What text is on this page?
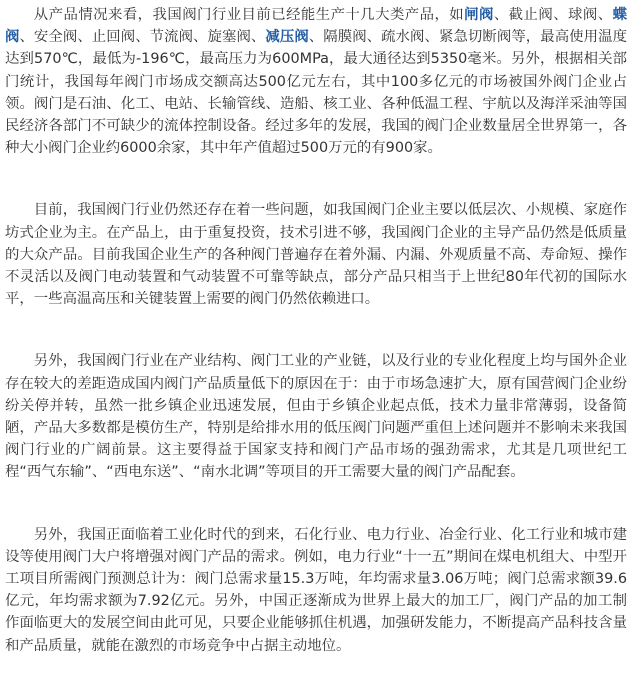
从产品情况来看，我国阀门行业目前已经能生产十几大类产品，如闸阀、截止阀、球阀、蝶阀、安全阀、止回阀、节流阀、旋塞阀、减压阀、隔膜阀、疏水阀、紧急切断阀等，最高使用温度达到570℃，最低为-196℃，最高压力为600MPa，最大通径达到5350毫米。另外，根据相关部门统计，我国每年阀门市场成交额高达500亿元左右，其中100多亿元的市场被国外阀门企业占领。阀门是石油、化工、电站、长输管线、造船、核工业、各种低温工程、宇航以及海洋采油等国民经济各部门不可缺少的流体控制设备。经过多年的发展，我国的阀门企业数量居全世界第一，各种大小阀门企业约6000余家，其中年产值超过500万元的有900家。

目前，我国阀门行业仍然还存在着一些问题，如我国阀门企业主要以低层次、小规模、家庭作坊式企业为主。在产品上，由于重复投资，技术引进不够，我国阀门企业的主导产品仍然是低质量的大众产品。目前我国企业生产的各种阀门普遍存在着外漏、内漏、外观质量不高、寿命短、操作不灵活以及阀门电动装置和气动装置不可靠等缺点，部分产品只相当于上世纪80年代初的国际水平，一些高温高压和关键装置上需要的阀门仍然依赖进口。

另外，我国阀门行业在产业结构、阀门工业的产业链，以及行业的专业化程度上均与国外企业存在较大的差距造成国内阀门产品质量低下的原因在于：由于市场急速扩大，原有国营阀门企业纷纷关停并转，虽然一批乡镇企业迅速发展，但由于乡镇企业起点低，技术力量非常薄弱，设备简陋，产品大多数都是模仿生产，特别是给排水用的低压阀门问题严重但上述问题并不影响未来我国阀门行业的广阔前景。这主要得益于国家支持和阀门产品市场的强劲需求，尤其是几项世纪工程“西气东输”、“西电东送”、“南水北调”等项目的开工需要大量的阀门产品配套。

另外，我国正面临着工业化时代的到来，石化行业、电力行业、冶金行业、化工行业和城市建设等使用阀门大户将增强对阀门产品的需求。例如，电力行业“十一五”期间在煤电机组大、中型开工项目所需阀门预测总计为：阀门总需求量15.3万吨，年均需求量3.06万吨；阀门总需求额39.6亿元，年均需求额为7.92亿元。另外，中国正逐渐成为世界上最大的加工厂，阀门产品的加工制作面临更大的发展空间由此可见，只要企业能够抓住机遇，加强研发能力，不断提高产品科技含量和产品质量，就能在激烈的市场竞争中占据主动地位。
